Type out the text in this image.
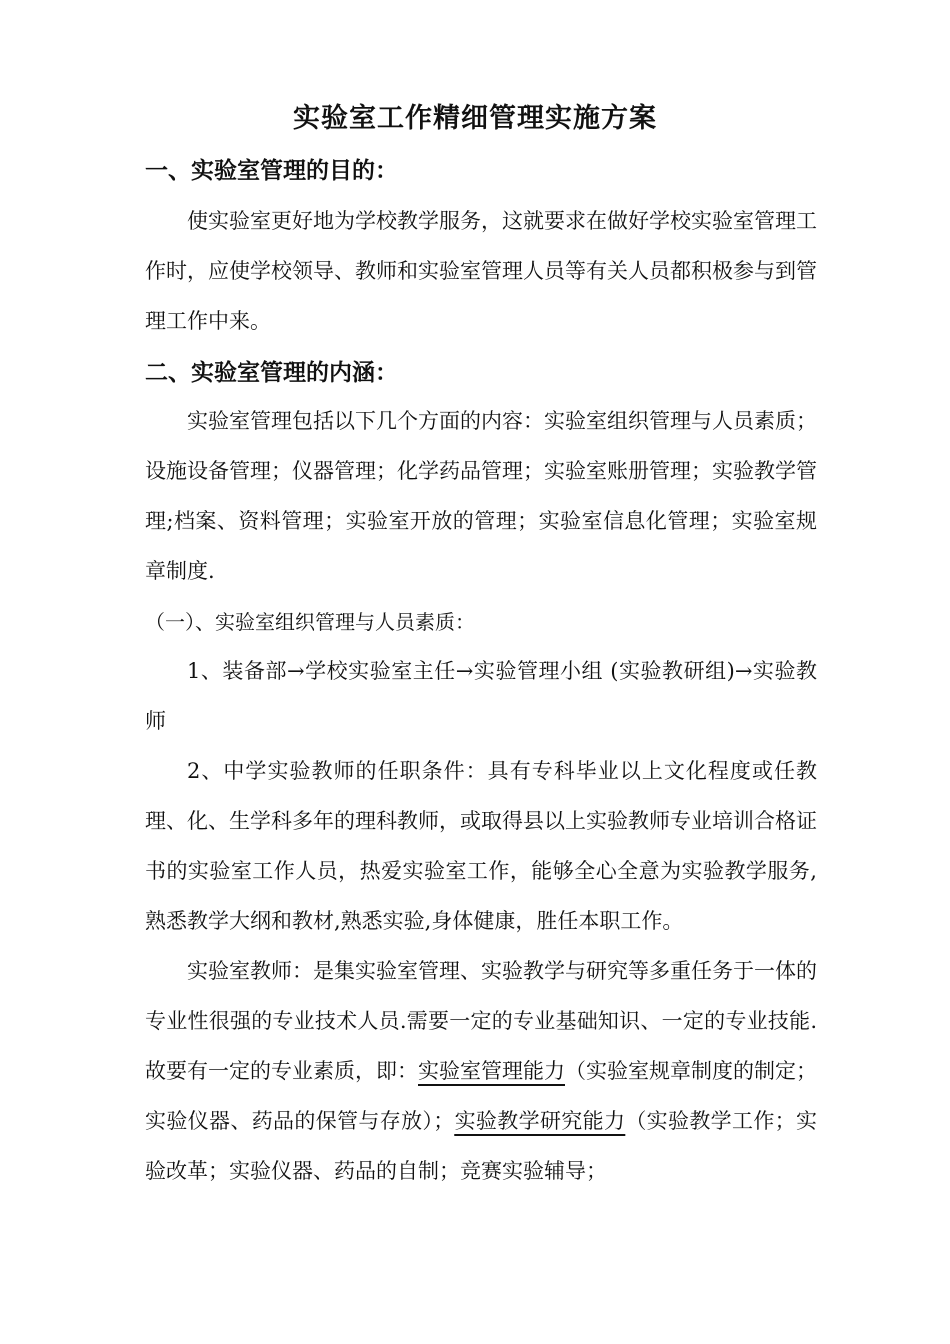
实验室工作精细管理实施方案
一、实验室管理的目的：
使实验室更好地为学校教学服务，这就要求在做好学校实验室管理工作时，应使学校领导、教师和实验室管理人员等有关人员都积极参与到管理工作中来。
二、实验室管理的内涵：
实验室管理包括以下几个方面的内容：实验室组织管理与人员素质；设施设备管理；仪器管理；化学药品管理；实验室账册管理；实验教学管理;档案、资料管理；实验室开放的管理；实验室信息化管理；实验室规章制度.
（一）、实验室组织管理与人员素质：
1、装备部→学校实验室主任→实验管理小组 (实验教研组)→实验教师
2、中学实验教师的任职条件：具有专科毕业以上文化程度或任教理、化、生学科多年的理科教师，或取得县以上实验教师专业培训合格证书的实验室工作人员，热爱实验室工作，能够全心全意为实验教学服务,熟悉教学大纲和教材,熟悉实验,身体健康，胜任本职工作。
实验室教师：是集实验室管理、实验教学与研究等多重任务于一体的专业性很强的专业技术人员.需要一定的专业基础知识、一定的专业技能.故要有一定的专业素质，即：实验室管理能力（实验室规章制度的制定；实验仪器、药品的保管与存放）；实验教学研究能力（实验教学工作；实验改革；实验仪器、药品的自制；竞赛实验辅导；
